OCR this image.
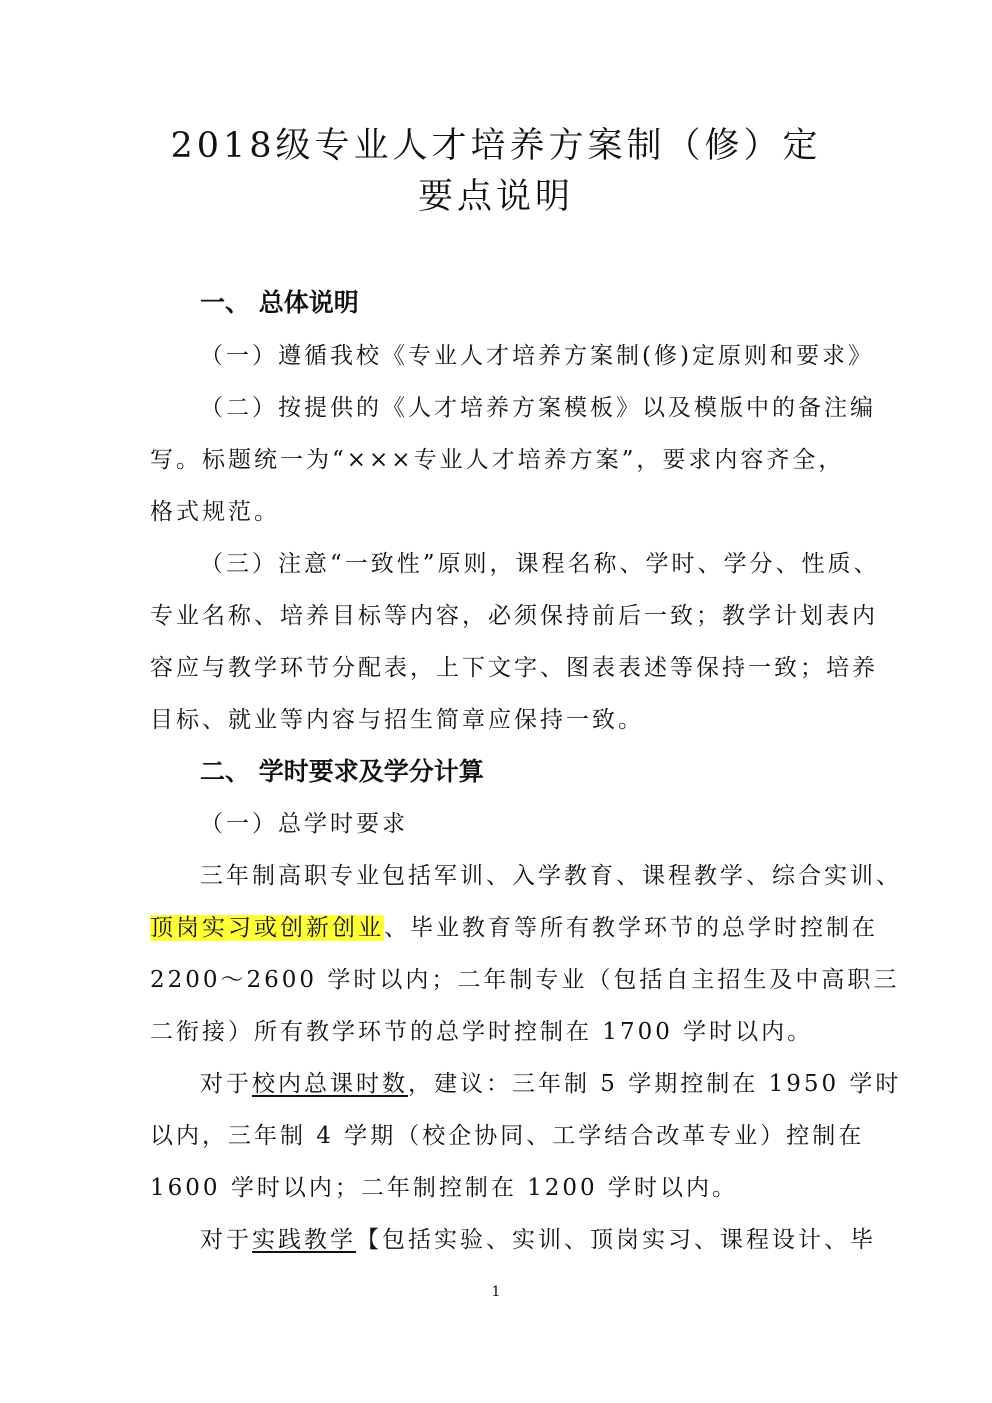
2018级专业人才培养方案制（修）定
要点说明
一、 总体说明
（一）遵循我校《专业人才培养方案制(修)定原则和要求》
（二）按提供的《人才培养方案模板》以及模版中的备注编
写。标题统一为“×××专业人才培养方案”，要求内容齐全，
格式规范。
（三）注意“一致性”原则，课程名称、学时、学分、性质、
专业名称、培养目标等内容，必须保持前后一致；教学计划表内
容应与教学环节分配表，上下文字、图表表述等保持一致；培养
目标、就业等内容与招生简章应保持一致。
二、 学时要求及学分计算
（一）总学时要求
三年制高职专业包括军训、入学教育、课程教学、综合实训、
顶岗实习或创新创业、毕业教育等所有教学环节的总学时控制在
2200～2600 学时以内；二年制专业（包括自主招生及中高职三
二衔接）所有教学环节的总学时控制在 1700 学时以内。
对于校内总课时数，建议：三年制 5 学期控制在 1950 学时
以内，三年制 4 学期（校企协同、工学结合改革专业）控制在
1600 学时以内；二年制控制在 1200 学时以内。
对于实践教学【包括实验、实训、顶岗实习、课程设计、毕
1
